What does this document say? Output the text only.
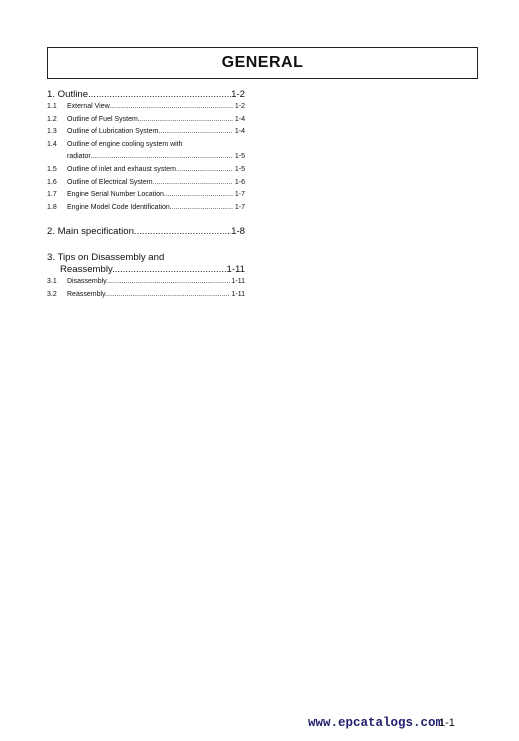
GENERAL
1. Outline .....	1-2
1.1	External View .....	1-2
1.2	Outline of Fuel System .....	1-4
1.3	Outline of Lubrication System .....	1-4
1.4	Outline of engine cooling system with
radiator .....	1-5
1.5	Outline of inlet and exhaust system .....	1-5
1.6	Outline of Electrical System .....	1-6
1.7	Engine Serial Number Location .....	1-7
1.8	Engine Model Code Identification .....	1-7
2. Main specification .....	1-8
3. Tips on Disassembly and
Reassembly .....	1-11
3.1	Disassembly .....	1-11
3.2	Reassembly .....	1-11
www.epcatalogs.com1-1
